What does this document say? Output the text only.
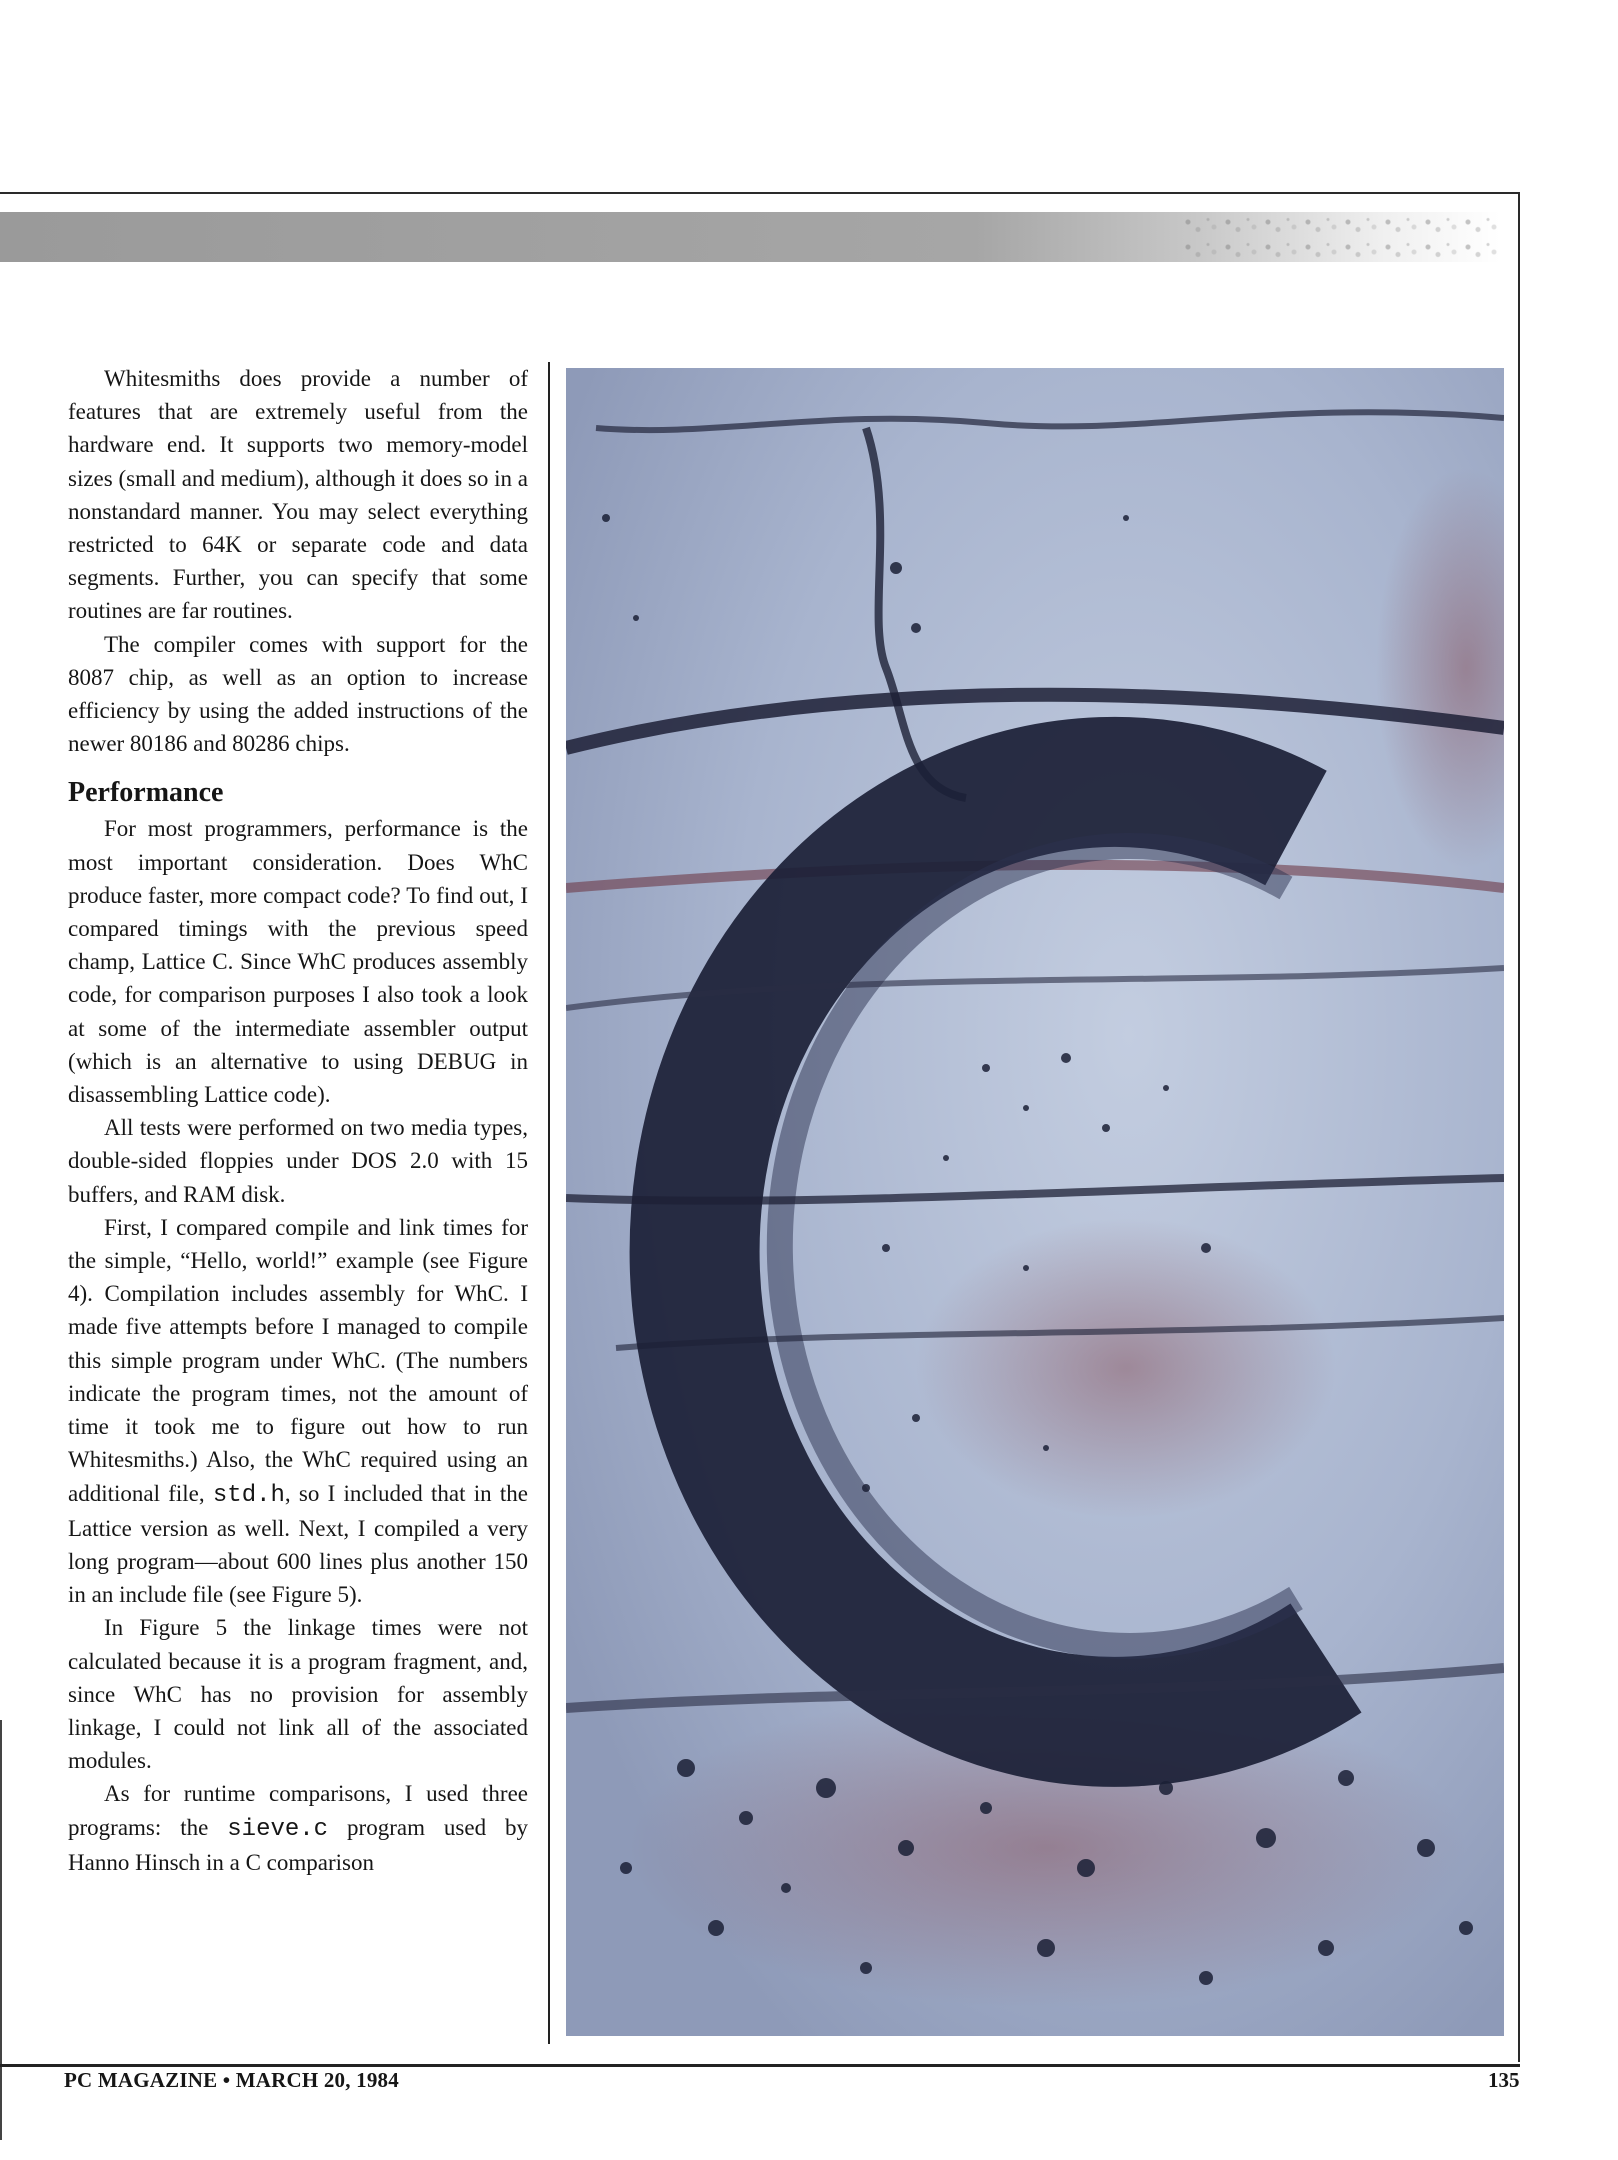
Whitesmiths does provide a number of features that are extremely useful from the hardware end. It supports two memory-model sizes (small and medium), although it does so in a nonstandard manner. You may select everything restricted to 64K or separate code and data segments. Further, you can specify that some routines are far routines.

The compiler comes with support for the 8087 chip, as well as an option to increase efficiency by using the added instructions of the newer 80186 and 80286 chips.

Performance

For most programmers, performance is the most important consideration. Does WhC produce faster, more compact code? To find out, I compared timings with the previous speed champ, Lattice C. Since WhC produces assembly code, for comparison purposes I also took a look at some of the intermediate assembler output (which is an alternative to using DEBUG in disassembling Lattice code).

All tests were performed on two media types, double-sided floppies under DOS 2.0 with 15 buffers, and RAM disk.

First, I compared compile and link times for the simple, “Hello, world!” example (see Figure 4). Compilation includes assembly for WhC. I made five attempts before I managed to compile this simple program under WhC. (The numbers indicate the program times, not the amount of time it took me to figure out how to run Whitesmiths.) Also, the WhC required using an additional file, std.h, so I included that in the Lattice version as well. Next, I compiled a very long program—about 600 lines plus another 150 in an include file (see Figure 5).

In Figure 5 the linkage times were not calculated because it is a program fragment, and, since WhC has no provision for assembly linkage, I could not link all of the associated modules.

As for runtime comparisons, I used three programs: the sieve.c program used by Hanno Hinsch in a C comparison

PC MAGAZINE • MARCH 20, 1984	135
